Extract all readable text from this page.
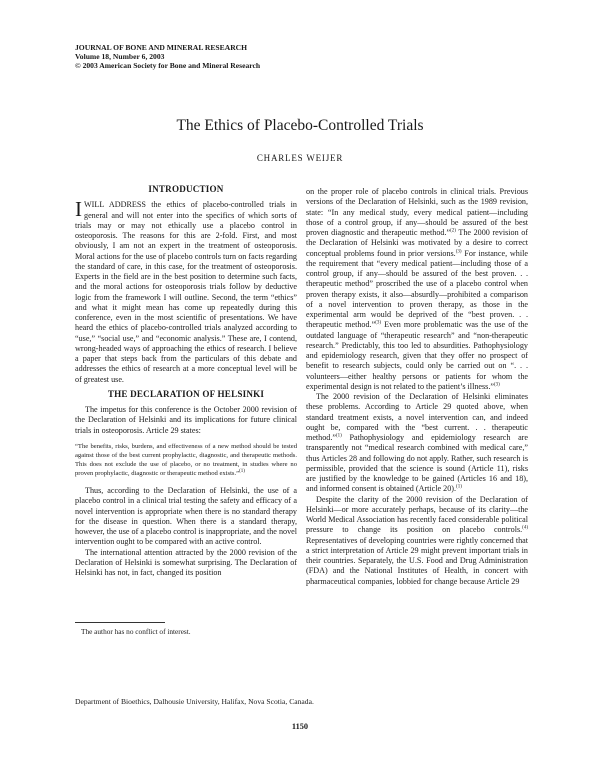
JOURNAL OF BONE AND MINERAL RESEARCH
Volume 18, Number 6, 2003
© 2003 American Society for Bone and Mineral Research
The Ethics of Placebo-Controlled Trials
CHARLES WEIJER
INTRODUCTION

IWILL ADDRESS the ethics of placebo-controlled trials in general and will not enter into the specifics of which sorts of trials may or may not ethically use a placebo control in osteoporosis. The reasons for this are 2-fold. First, and most obviously, I am not an expert in the treatment of osteoporosis. Moral actions for the use of placebo controls turn on facts regarding the standard of care, in this case, for the treatment of osteoporosis. Experts in the field are in the best position to determine such facts, and the moral actions for osteoporosis trials follow by deductive logic from the framework I will outline. Second, the term “ethics” and what it might mean has come up repeatedly during this conference, even in the most scientific of presentations. We have heard the ethics of placebo-controlled trials analyzed according to “use,” “social use,” and “economic analysis.” These are, I contend, wrong-headed ways of approaching the ethics of research. I believe a paper that steps back from the particulars of this debate and addresses the ethics of research at a more conceptual level will be of greatest use.

THE DECLARATION OF HELSINKI

The impetus for this conference is the October 2000 revision of the Declaration of Helsinki and its implications for future clinical trials in osteoporosis. Article 29 states:

“The benefits, risks, burdens, and effectiveness of a new method should be tested against those of the best current prophylactic, diagnostic, and therapeutic methods. This does not exclude the use of placebo, or no treatment, in studies where no proven prophylactic, diagnostic or therapeutic method exists.”$^{(1)}$

Thus, according to the Declaration of Helsinki, the use of a placebo control in a clinical trial testing the safety and efficacy of a novel intervention is appropriate when there is no standard therapy for the disease in question. When there is a standard therapy, however, the use of a placebo control is inappropriate, and the novel intervention ought to be compared with an active control.

The international attention attracted by the 2000 revision of the Declaration of Helsinki is somewhat surprising. The Declaration of Helsinki has not, in fact, changed its position

on the proper role of placebo controls in clinical trials. Previous versions of the Declaration of Helsinki, such as the 1989 revision, state: “In any medical study, every medical patient—including those of a control group, if any—should be assured of the best proven diagnostic and therapeutic method.”$^{(2)}$ The 2000 revision of the Declaration of Helsinki was motivated by a desire to correct conceptual problems found in prior versions.$^{(3)}$ For instance, while the requirement that “every medical patient—including those of a control group, if any—should be assured of the best proven. . . therapeutic method” proscribed the use of a placebo control when proven therapy exists, it also—absurdly—prohibited a comparison of a novel intervention to proven therapy, as those in the experimental arm would be deprived of the “best proven. . . therapeutic method.”$^{(3)}$ Even more problematic was the use of the outdated language of “therapeutic research” and “non-therapeutic research.” Predictably, this too led to absurdities. Pathophysiology and epidemiology research, given that they offer no prospect of benefit to research subjects, could only be carried out on “. . . volunteers—either healthy persons or patients for whom the experimental design is not related to the patient’s illness.”$^{(3)}$

The 2000 revision of the Declaration of Helsinki eliminates these problems. According to Article 29 quoted above, when standard treatment exists, a novel intervention can, and indeed ought be, compared with the “best current. . . therapeutic method.”$^{(1)}$ Pathophysiology and epidemiology research are transparently not “medical research combined with medical care,” thus Articles 28 and following do not apply. Rather, such research is permissible, provided that the science is sound (Article 11), risks are justified by the knowledge to be gained (Articles 16 and 18), and informed consent is obtained (Article 20).$^{(1)}$

Despite the clarity of the 2000 revision of the Declaration of Helsinki—or more accurately perhaps, because of its clarity—the World Medical Association has recently faced considerable political pressure to change its position on placebo controls.$^{(4)}$ Representatives of developing countries were rightly concerned that a strict interpretation of Article 29 might prevent important trials in their countries. Separately, the U.S. Food and Drug Administration (FDA) and the National Institutes of Health, in concert with pharmaceutical companies, lobbied for change because Article 29

The author has no conflict of interest.
Department of Bioethics, Dalhousie University, Halifax, Nova Scotia, Canada.
1150
